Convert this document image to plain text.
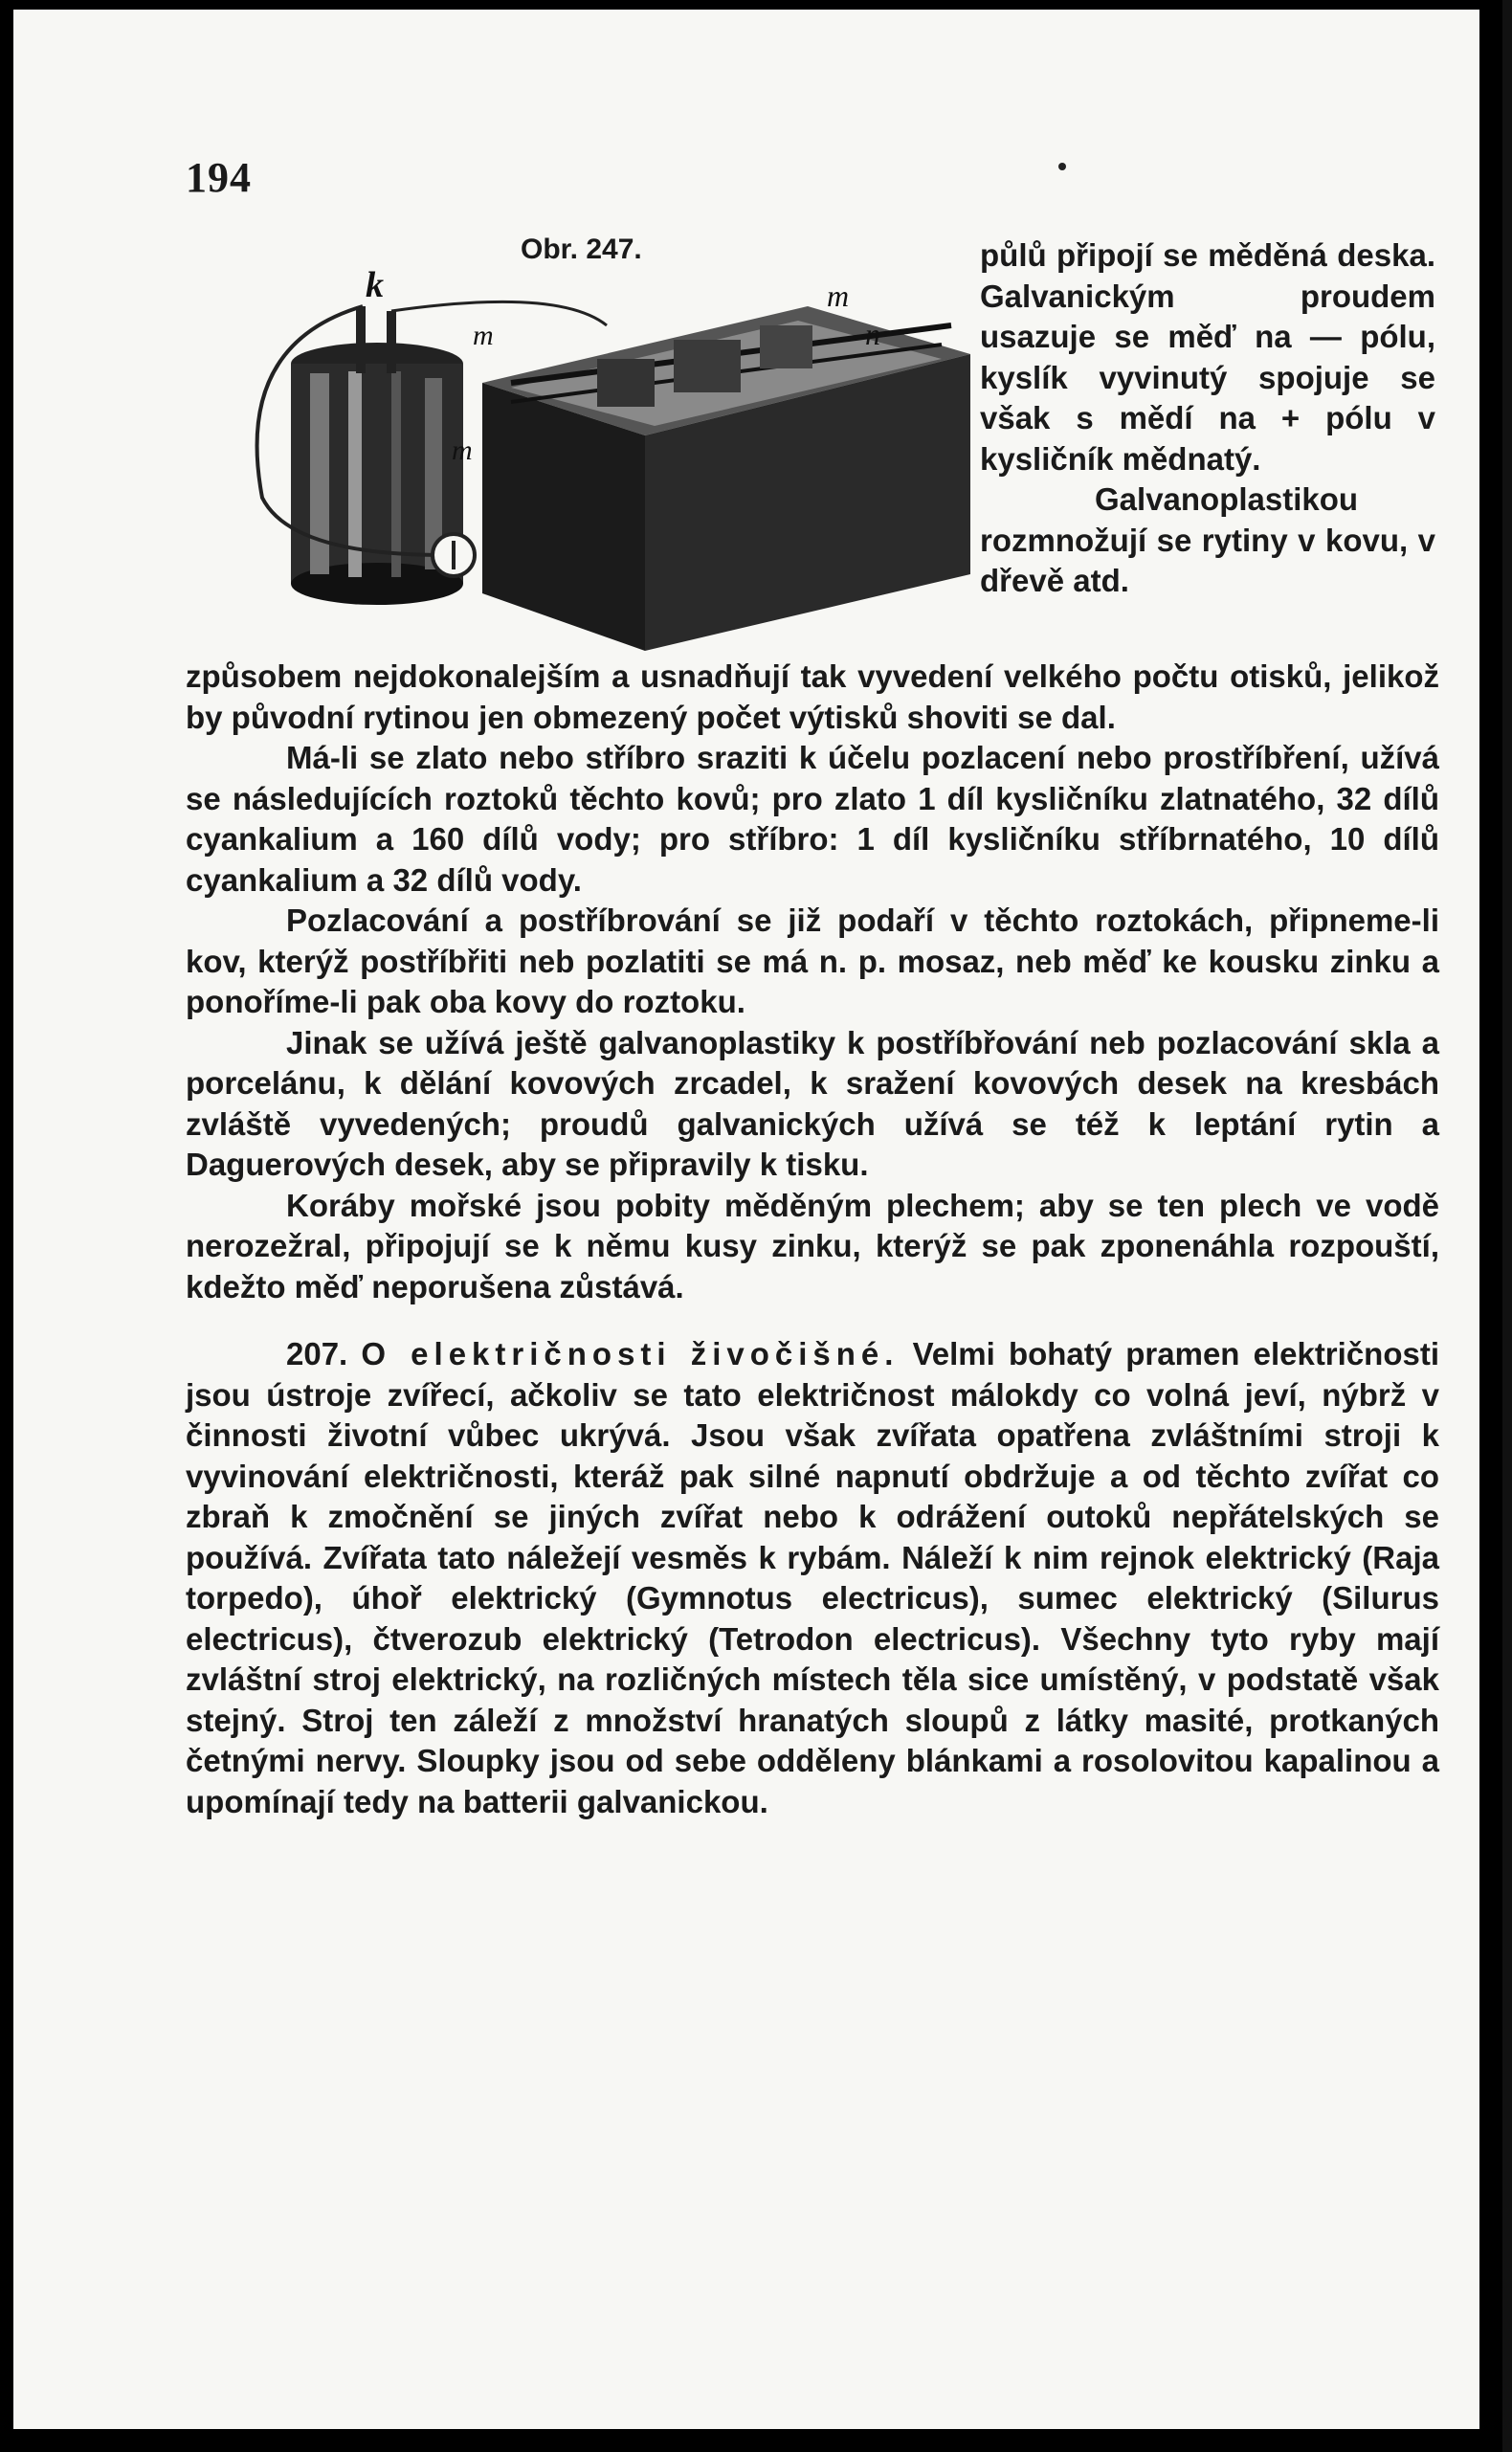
194
Obr. 247.
k
m
m
m
n

půlů připojí se měděná deska. Galvanickým proudem usazuje se měď na — pólu, kyslík vyvinutý spojuje se však s mědí na + pólu v kysličník mědnatý.

Galvanoplastikou rozmnožují se rytiny v kovu, v dřevě atd.

způsobem nejdokonalejším a usnadňují tak vyvedení velkého počtu otisků, jelikož by původní rytinou jen obmezený počet výtisků shoviti se dal.

Má-li se zlato nebo stříbro sraziti k účelu pozlacení nebo prostříbření, užívá se následujících roztoků těchto kovů; pro zlato 1 díl kysličníku zlatnatého, 32 dílů cyankalium a 160 dílů vody; pro stříbro: 1 díl kysličníku stříbrnatého, 10 dílů cyankalium a 32 dílů vody.

Pozlacování a postříbrování se již podaří v těchto roztokách, připneme-li kov, kterýž postříbřiti neb pozlatiti se má n. p. mosaz, neb měď ke kousku zinku a ponoříme-li pak oba kovy do roztoku.

Jinak se užívá ještě galvanoplastiky k postříbřování neb pozlacování skla a porcelánu, k dělání kovových zrcadel, k sražení kovových desek na kresbách zvláště vyvedených; proudů galvanických užívá se též k leptání rytin a Daguerových desek, aby se připravily k tisku.

Koráby mořské jsou pobity měděným plechem; aby se ten plech ve vodě nerozežral, připojují se k němu kusy zinku, kterýž se pak zponenáhla rozpouští, kdežto měď neporušena zůstává.

207. O električnosti živočišné. Velmi bohatý pramen električnosti jsou ústroje zvířecí, ačkoliv se tato električnost málokdy co volná jeví, nýbrž v činnosti životní vůbec ukrývá. Jsou však zvířata opatřena zvláštními stroji k vyvinování električnosti, kteráž pak silné napnutí obdržuje a od těchto zvířat co zbraň k zmočnění se jiných zvířat nebo k odrážení outoků nepřátelských se používá. Zvířata tato náležejí vesměs k rybám. Náleží k nim rejnok elektrický (Raja torpedo), úhoř elektrický (Gymnotus electricus), sumec elektrický (Silurus electricus), čtverozub elektrický (Tetrodon electricus). Všechny tyto ryby mají zvláštní stroj elektrický, na rozličných místech těla sice umístěný, v podstatě však stejný. Stroj ten záleží z množství hranatých sloupů z látky masité, protkaných četnými nervy. Sloupky jsou od sebe odděleny blánkami a rosolovitou kapalinou a upomínají tedy na batterii galvanickou.
